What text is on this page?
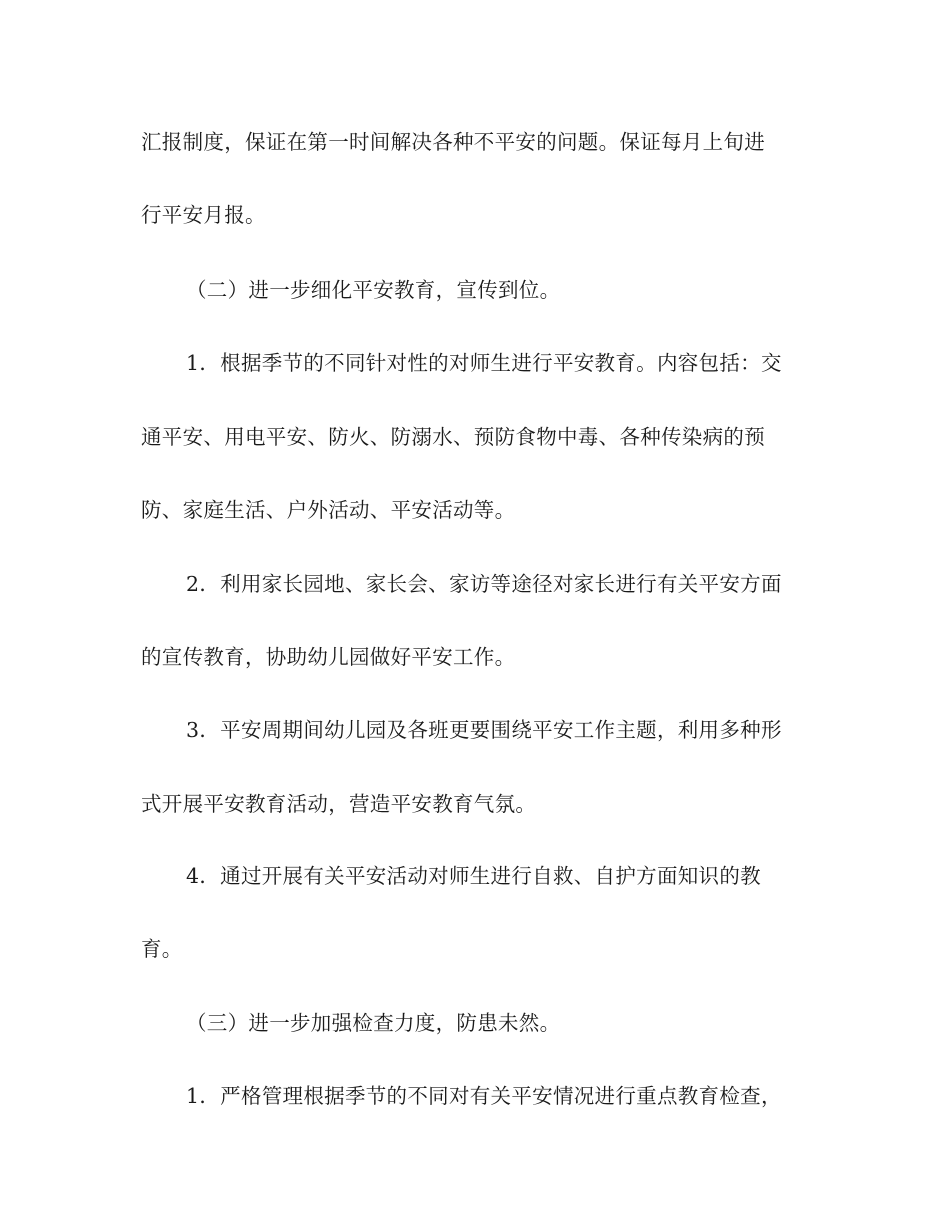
汇报制度，保证在第一时间解决各种不平安的问题。保证每月上旬进
行平安月报。
（二）进一步细化平安教育，宣传到位。
1．根据季节的不同针对性的对师生进行平安教育。内容包括：交
通平安、用电平安、防火、防溺水、预防食物中毒、各种传染病的预
防、家庭生活、户外活动、平安活动等。
2．利用家长园地、家长会、家访等途径对家长进行有关平安方面
的宣传教育，协助幼儿园做好平安工作。
3．平安周期间幼儿园及各班更要围绕平安工作主题，利用多种形
式开展平安教育活动，营造平安教育气氛。
4．通过开展有关平安活动对师生进行自救、自护方面知识的教
育。
（三）进一步加强检查力度，防患未然。
1．严格管理根据季节的不同对有关平安情况进行重点教育检查，
